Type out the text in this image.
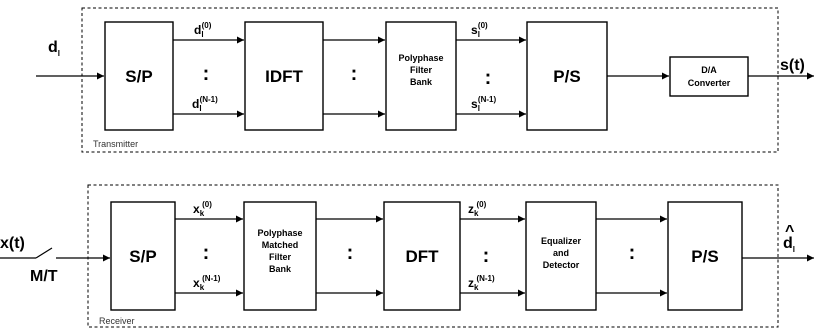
Transmitter
$d_l$
S/P
$d_l(0)$
:
$d_l(N-1)$
IDFT :
Polyphase
Filter
Bank
$s_l(0)$
:
$s_l(N-1)$
P/S	D/A
Converter
s(t)
Receiver
x(t)
M/T
S/P
$x_k(0)$
:
$x_k(N-1)$
Polyphase
Matched
Filter
Bank
:	DFT
$z_k(0)$
:
$z_k(N-1)$
Equalizer
and
Detector
:	P/S
^
$d_l$
